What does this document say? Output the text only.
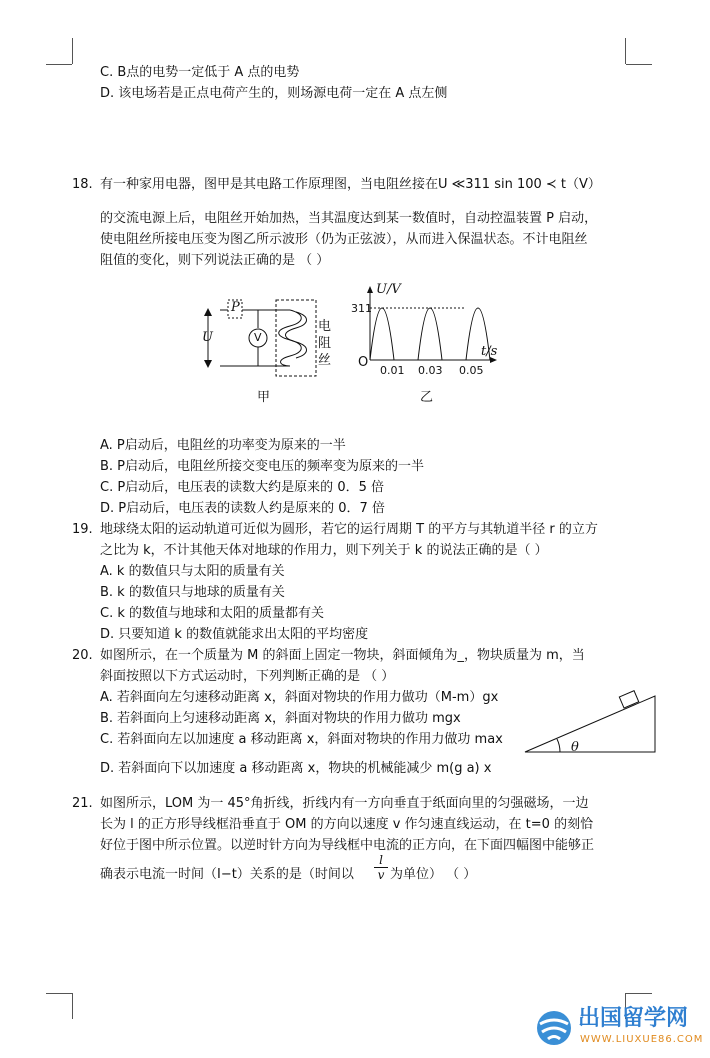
C. B点的电势一定低于 A 点的电势
D. 该电场若是正点电荷产生的，则场源电荷一定在 A 点左侧
18. 有一种家用电器，图甲是其电路工作原理图，当电阻丝接在U ≪311 sin 100 ≺ t（V）
的交流电源上后，电阻丝开始加热，当其温度达到某一数值时，自动控温装置 P 启动，
使电阻丝所接电压变为图乙所示波形（仍为正弦波），从而进入保温状态。不计电阻丝
阻值的变化，则下列说法正确的是 （ ）
P
U	V
电
阻
丝
甲
U/V
311
O
t/s
0.01 0.03 0.05
乙
A. P启动后，电阻丝的功率变为原来的一半
B. P启动后，电阻丝所接交变电压的频率变为原来的一半
C. P启动后，电压表的读数大约是原来的 0．5 倍
D. P启动后，电压表的读数人约是原来的 0．7 倍
19. 地球绕太阳的运动轨道可近似为圆形，若它的运行周期 T 的平方与其轨道半径 r 的立方
之比为 k，不计其他天体对地球的作用力，则下列关于 k 的说法正确的是（ ）
A. k 的数值只与太阳的质量有关
B. k 的数值只与地球的质量有关
C. k 的数值与地球和太阳的质量都有关
D. 只要知道 k 的数值就能求出太阳的平均密度
20. 如图所示，在一个质量为 M 的斜面上固定一物块，斜面倾角为_，物块质量为 m，当
斜面按照以下方式运动时，下列判断正确的是 （ ）
A. 若斜面向左匀速移动距离 x，斜面对物块的作用力做功（M-m）gx
B. 若斜面向上匀速移动距离 x，斜面对物块的作用力做功 mgx
C. 若斜面向左以加速度 a 移动距离 x，斜面对物块的作用力做功 max
D. 若斜面向下以加速度 a 移动距离 x，物块的机械能减少 m(g a) x
θ
21. 如图所示，LOM 为一 45°角折线，折线内有一方向垂直于纸面向里的匀强磁场，一边
长为 l 的正方形导线框沿垂直于 OM 的方向以速度 v 作匀速直线运动，在 t=0 的刻恰
好位于图中所示位置。以逆时针方向为导线框中电流的正方向，在下面四幅图中能够正
确表示电流一时间（I−t）关系的是（时间以 $\frac{l}{v}$ 为单位） （ ）
出国留学网
WWW.LIUXUE86.COM
